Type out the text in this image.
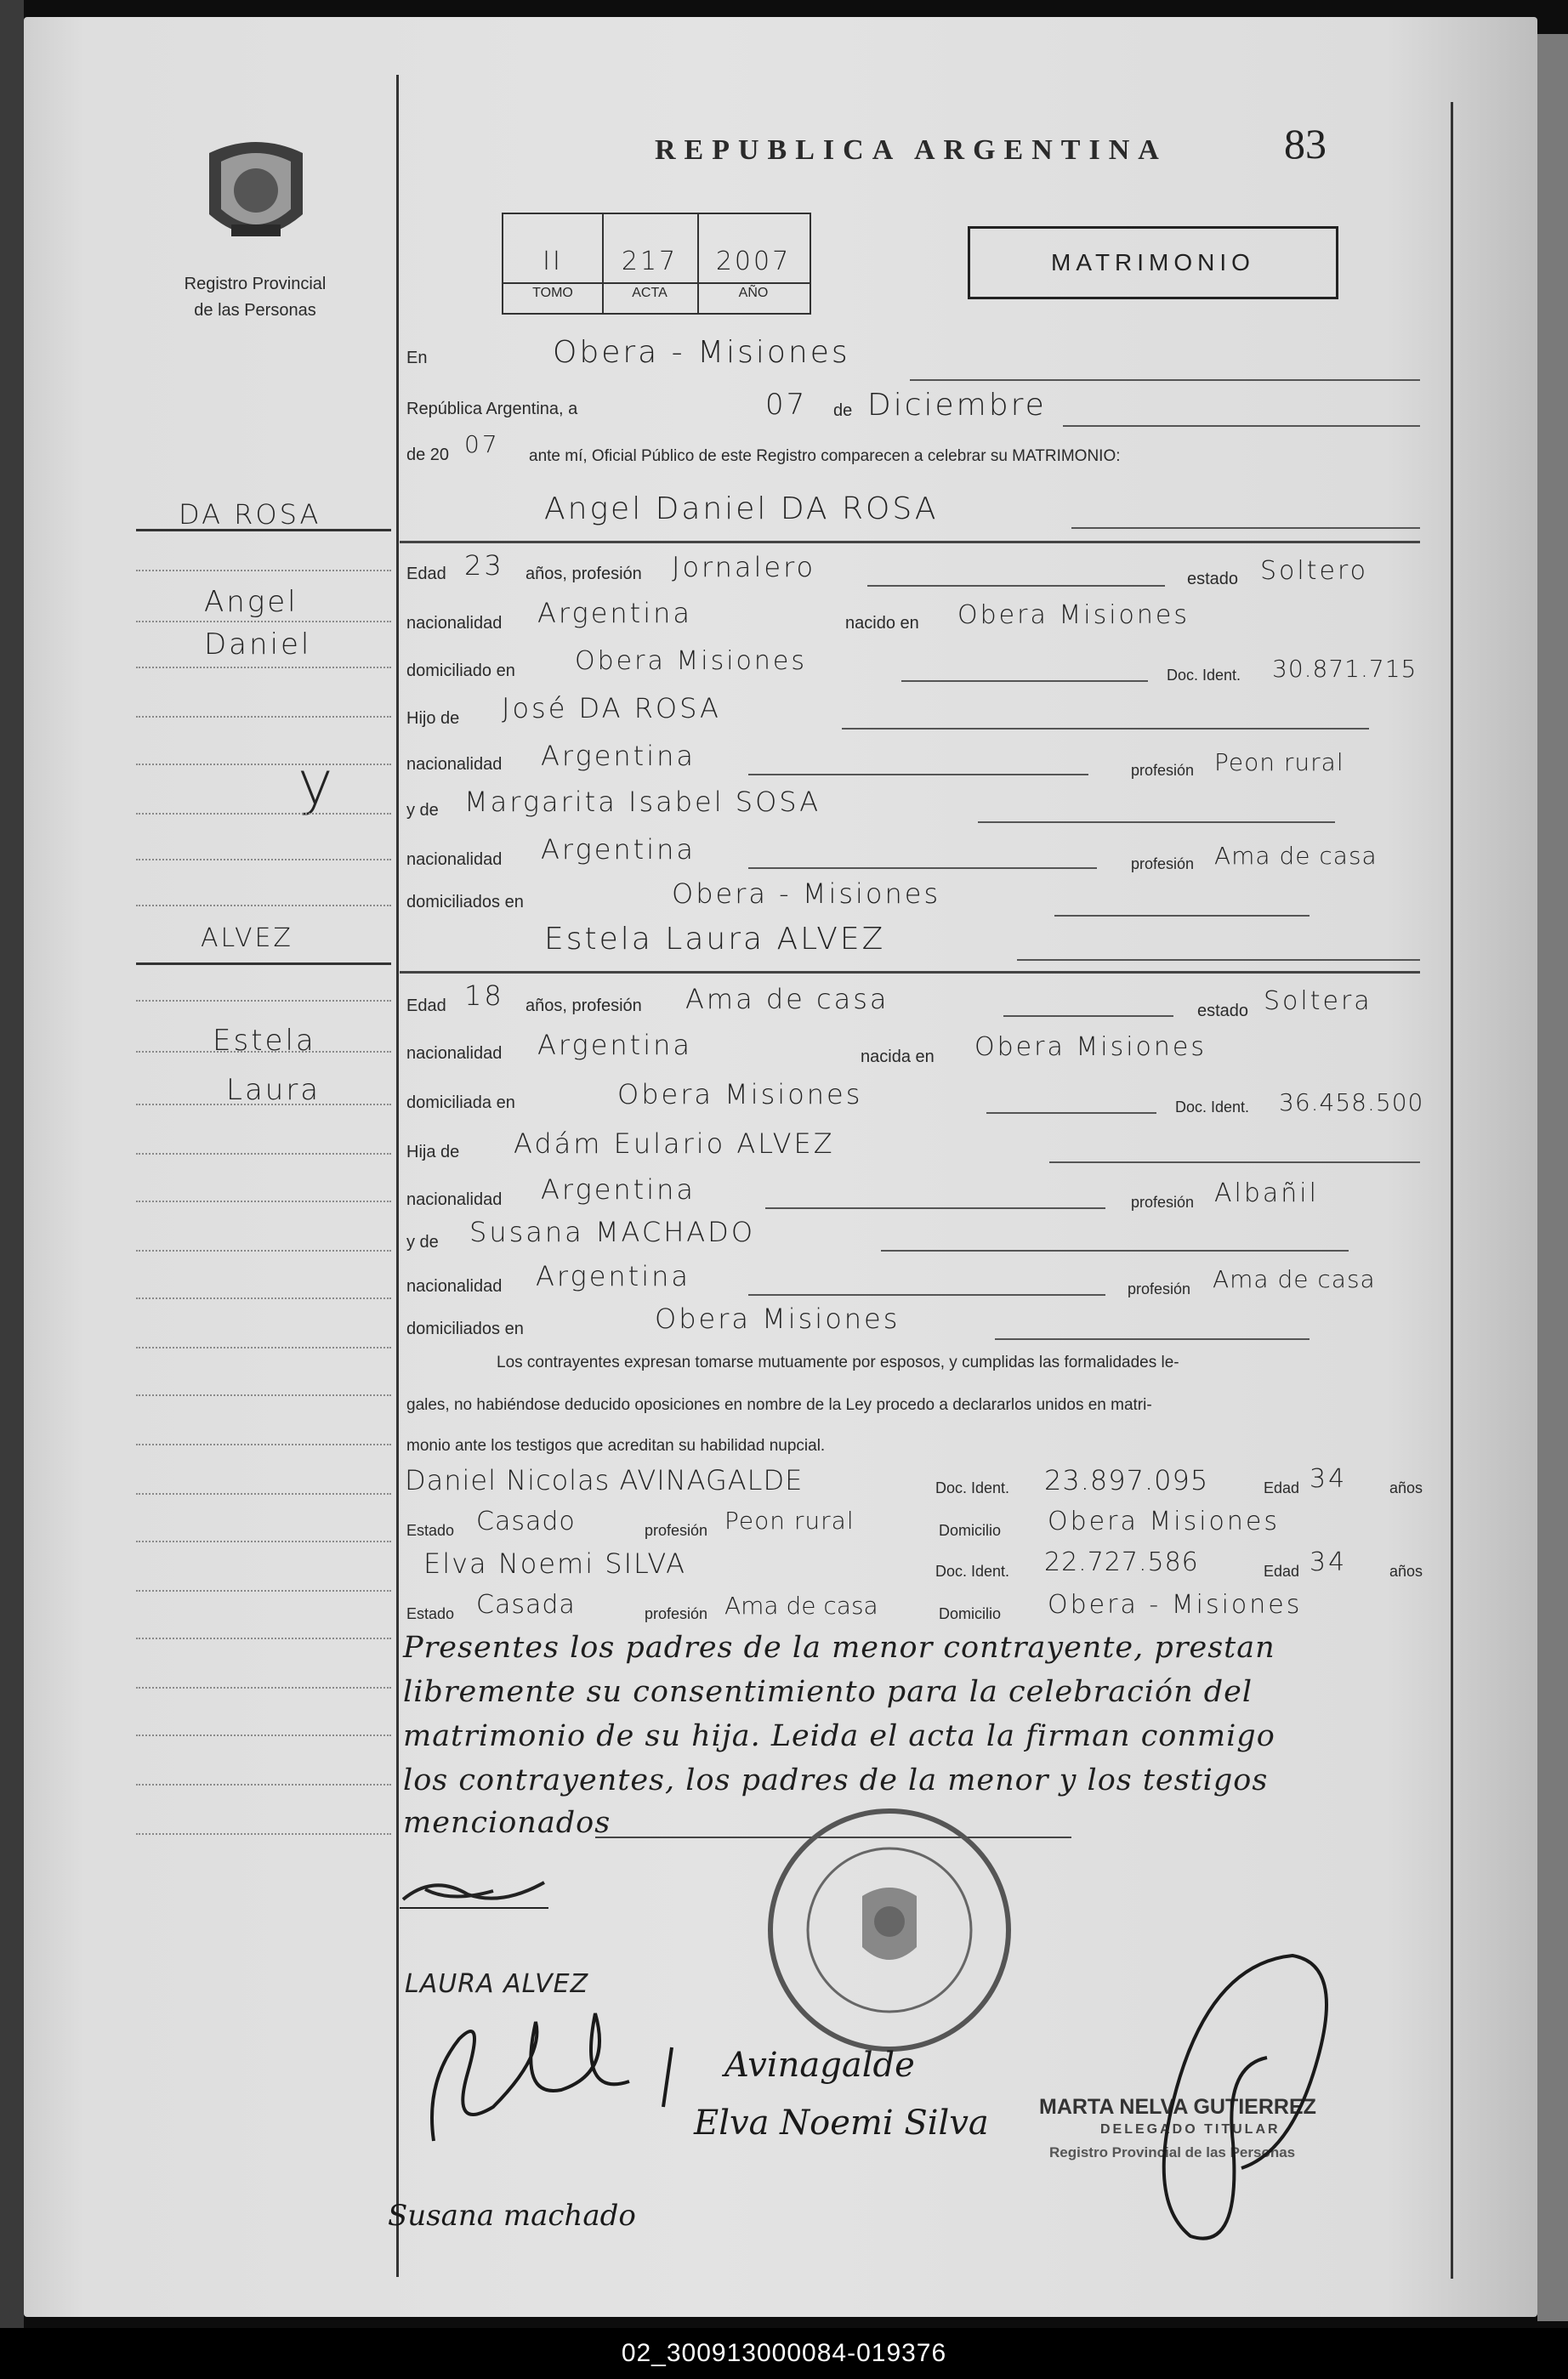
Registro Provincial
de las Personas
REPUBLICA ARGENTINA	83
II	217	2007
TOMO	ACTA	AÑO
MATRIMONIO
En	Obera - Misiones
República Argentina, a	07 de Diciembre
de 20 07 ante mí, Oficial Público de este Registro comparecen a celebrar su MATRIMONIO:
Angel Daniel DA ROSA
DA ROSA
Angel
Daniel
y
Edad 23 años, profesión Jornalero	estado Soltero
nacionalidad Argentina	nacido en Obera Misiones
domiciliado en Obera Misiones	Doc. Ident. 30.871.715
Hijo de José DA ROSA
nacionalidad Argentina	profesión Peon rural
y de Margarita Isabel SOSA
nacionalidad Argentina	profesión Ama de casa
domiciliados en	Obera - Misiones
Estela Laura ALVEZ
ALVEZ
Estela
Laura
Edad 18 años, profesión Ama de casa	estado Soltera
nacionalidad Argentina	nacida en Obera Misiones
domiciliada en	Obera Misiones	Doc. Ident. 36.458.500
Hija de Adám Eulario ALVEZ
nacionalidad Argentina	profesión Albañil
y de Susana MACHADO
nacionalidad Argentina	profesión Ama de casa
domiciliados en	Obera Misiones
Los contrayentes expresan tomarse mutuamente por esposos, y cumplidas las formalidades le-
gales, no habiéndose deducido oposiciones en nombre de la Ley procedo a declararlos unidos en matri-
monio ante los testigos que acreditan su habilidad nupcial.
Daniel Nicolas AVINAGALDE	Doc. Ident. 23.897.095	Edad 34	años
Estado Casado	profesión Peon rural	Domicilio Obera Misiones
Elva Noemi SILVA	Doc. Ident. 22.727.586	Edad 34	años
Estado Casada	profesión Ama de casa	Domicilio Obera - Misiones
Presentes los padres de la menor contrayente, prestan
libremente su consentimiento para la celebración del
matrimonio de su hija. Leida el acta la firman conmigo
los contrayentes, los padres de la menor y los testigos
mencionados
LAURA ALVEZ
Avinagalde
Elva Noemi Silva
Susana machado
MARTA NELVA GUTIERREZ
DELEGADO TITULAR
Registro Provincial de las Personas
02_300913000084-019376
